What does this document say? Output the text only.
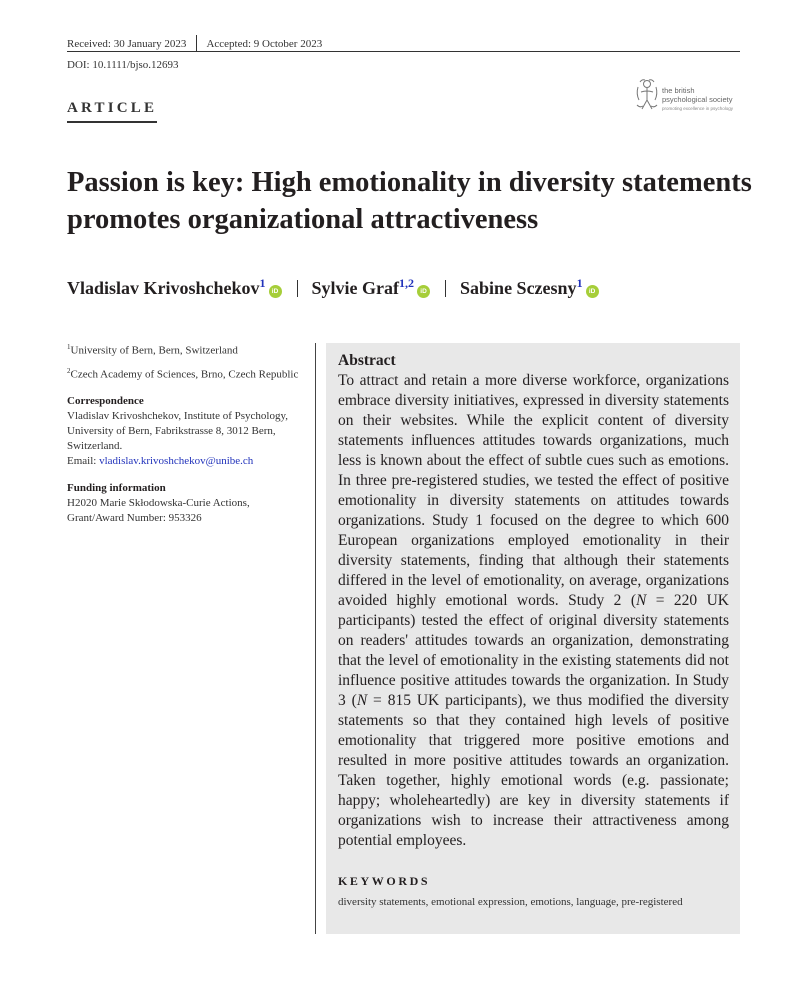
Received: 30 January 2023 Accepted: 9 October 2023
DOI: 10.1111/bjso.12693
ARTICLE
the british
psychological society
promoting excellence in psychology
Passion is key: High emotionality in diversity statements promotes organizational attractiveness
Vladislav Krivoshchekov$^1$iD Sylvie Graf$^{1,2}$iD Sabine Sczesny$^1$iD

$^1$University of Bern, Bern, Switzerland

$^2$Czech Academy of Sciences, Brno, Czech Republic

Correspondence

Vladislav Krivoshchekov, Institute of Psychology, University of Bern, Fabrikstrasse 8, 3012 Bern, Switzerland.

Email: vladislav.krivoshchekov@unibe.ch

Funding information

H2020 Marie Skłodowska-Curie Actions, Grant/Award Number: 953326

Abstract

To attract and retain a more diverse workforce, organizations embrace diversity initiatives, expressed in diversity statements on their websites. While the explicit content of diversity statements influences attitudes towards organizations, much less is known about the effect of subtle cues such as emotions. In three pre-registered studies, we tested the effect of positive emotionality in diversity statements on attitudes towards organizations. Study 1 focused on the degree to which 600 European organizations employed emotionality in their diversity statements, finding that although their statements differed in the level of emotionality, on average, organizations avoided highly emotional words. Study 2 (N = 220 UK participants) tested the effect of original diversity statements on readers' attitudes towards an organization, demonstrating that the level of emotionality in the existing statements did not influence positive attitudes towards the organization. In Study 3 (N = 815 UK participants), we thus modified the diversity statements so that they contained high levels of positive emotionality that triggered more positive emotions and resulted in more positive attitudes towards an organization. Taken together, highly emotional words (e.g. passionate; happy; wholeheartedly) are key in diversity statements if organizations wish to increase their attractiveness among potential employees.

KEYWORDS
diversity statements, emotional expression, emotions, language, pre-registered
